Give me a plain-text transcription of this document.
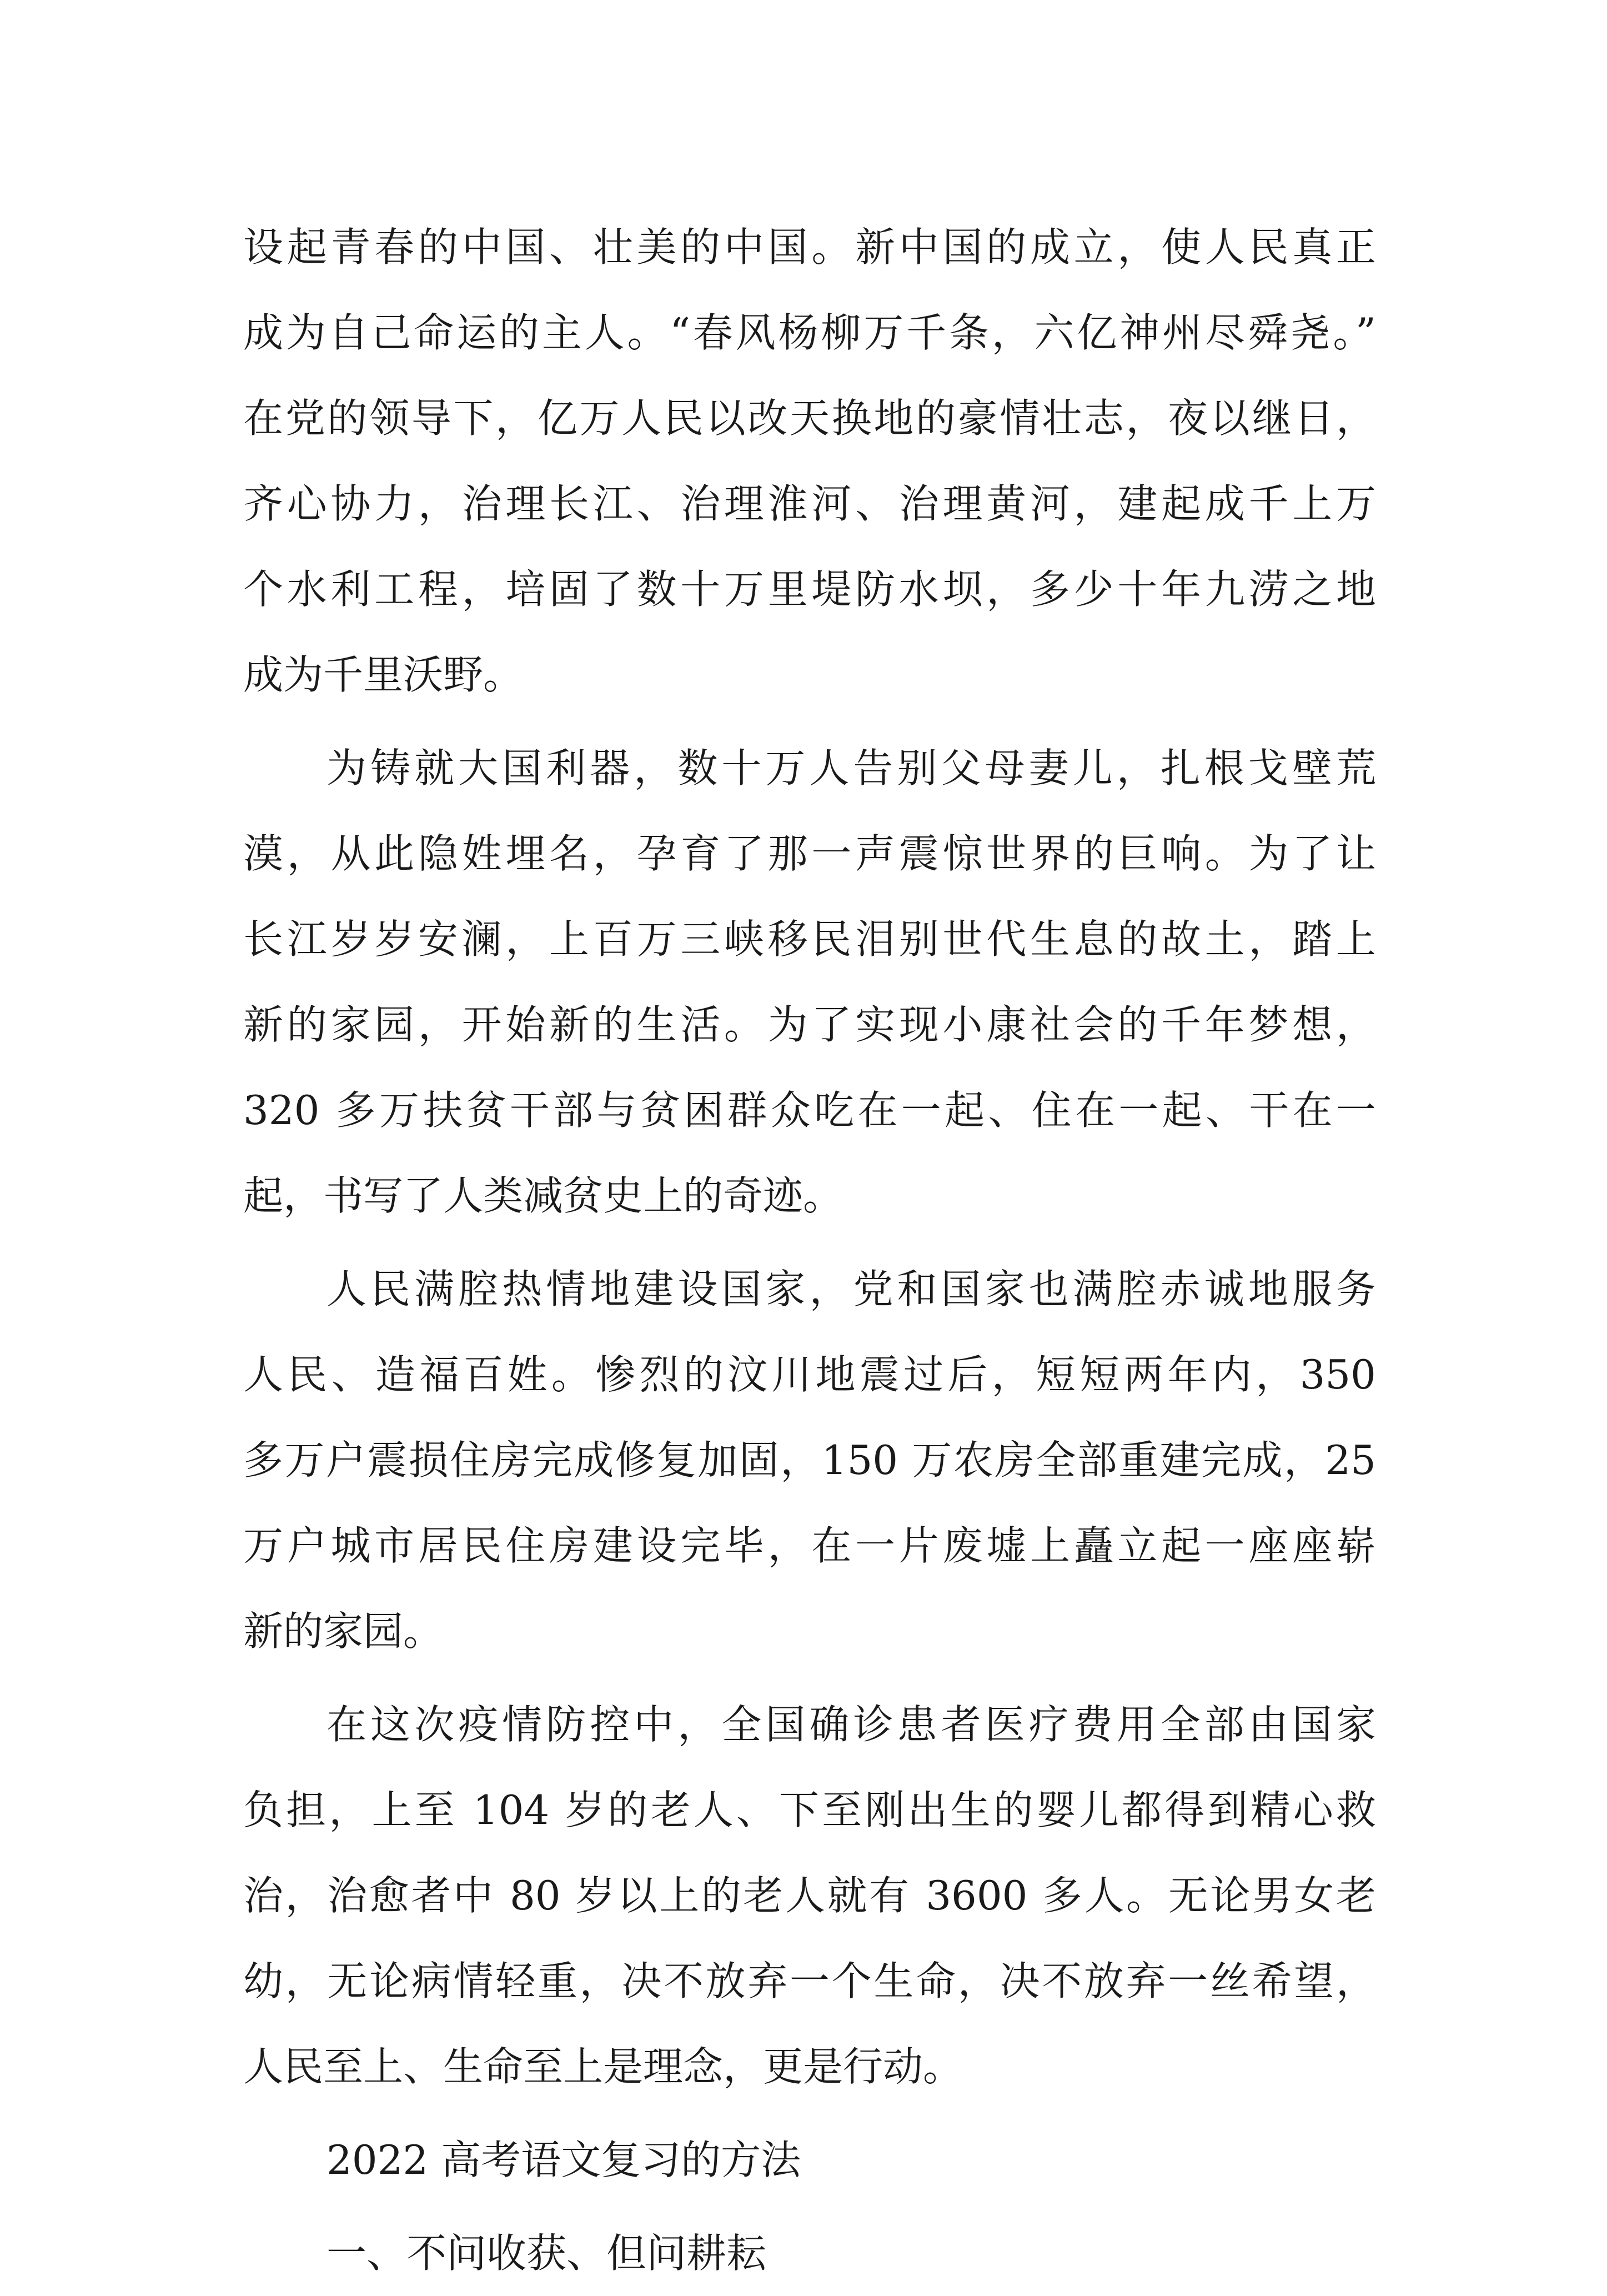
设起青春的中国、壮美的中国。新中国的成立，使人民真正
成为自己命运的主人。“春风杨柳万千条，六亿神州尽舜尧。”
在党的领导下，亿万人民以改天换地的豪情壮志，夜以继日，
齐心协力，治理长江、治理淮河、治理黄河，建起成千上万
个水利工程，培固了数十万里堤防水坝，多少十年九涝之地
成为千里沃野。
为铸就大国利器，数十万人告别父母妻儿，扎根戈壁荒
漠，从此隐姓埋名，孕育了那一声震惊世界的巨响。为了让
长江岁岁安澜，上百万三峡移民泪别世代生息的故土，踏上
新的家园，开始新的生活。为了实现小康社会的千年梦想，
320 多万扶贫干部与贫困群众吃在一起、住在一起、干在一
起，书写了人类减贫史上的奇迹。
人民满腔热情地建设国家，党和国家也满腔赤诚地服务
人民、造福百姓。惨烈的汶川地震过后，短短两年内，350
多万户震损住房完成修复加固，150 万农房全部重建完成，25
万户城市居民住房建设完毕，在一片废墟上矗立起一座座崭
新的家园。
在这次疫情防控中，全国确诊患者医疗费用全部由国家
负担，上至 104 岁的老人、下至刚出生的婴儿都得到精心救
治，治愈者中 80 岁以上的老人就有 3600 多人。无论男女老
幼，无论病情轻重，决不放弃一个生命，决不放弃一丝希望，
人民至上、生命至上是理念，更是行动。
2022 高考语文复习的方法
一、不问收获、但问耕耘
